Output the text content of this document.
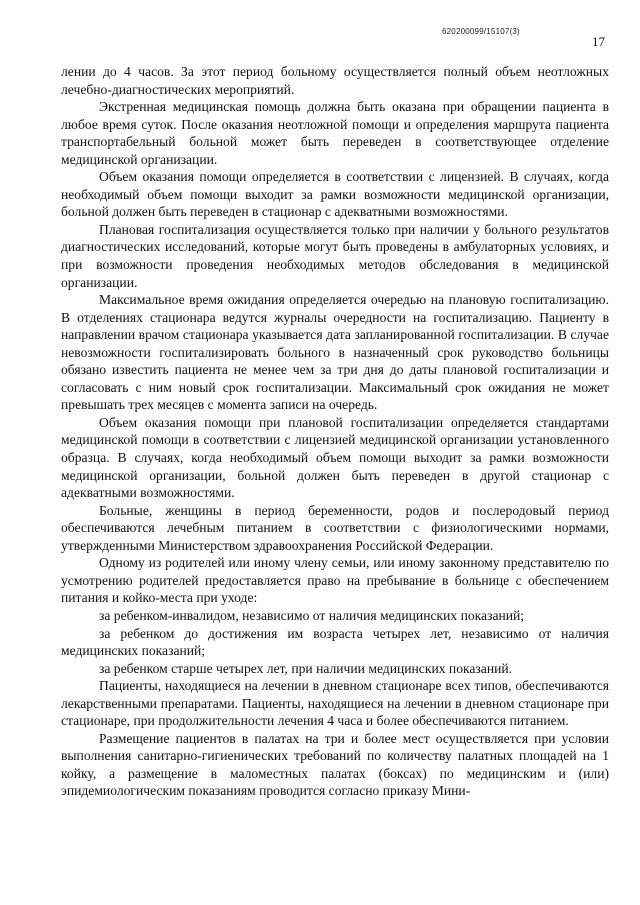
620200099/15107(3)
17

лении до 4 часов. За этот период больному осуществляется полный объем неотложных лечебно-диагностических мероприятий.

Экстренная медицинская помощь должна быть оказана при обращении пациента в любое время суток. После оказания неотложной помощи и определения маршрута пациента транспортабельный больной может быть переведен в соответствующее отделение медицинской организации.

Объем оказания помощи определяется в соответствии с лицензией. В случаях, когда необходимый объем помощи выходит за рамки возможности медицинской организации, больной должен быть переведен в стационар с адекватными возможностями.

Плановая госпитализация осуществляется только при наличии у больного результатов диагностических исследований, которые могут быть проведены в амбулаторных условиях, и при возможности проведения необходимых методов обследования в медицинской организации.

Максимальное время ожидания определяется очередью на плановую госпитализацию. В отделениях стационара ведутся журналы очередности на госпитализацию. Пациенту в направлении врачом стационара указывается дата запланированной госпитализации. В случае невозможности госпитализировать больного в назначенный срок руководство больницы обязано известить пациента не менее чем за три дня до даты плановой госпитализации и согласовать с ним новый срок госпитализации. Максимальный срок ожидания не может превышать трех месяцев с момента записи на очередь.

Объем оказания помощи при плановой госпитализации определяется стандартами медицинской помощи в соответствии с лицензией медицинской организации установленного образца. В случаях, когда необходимый объем помощи выходит за рамки возможности медицинской организации, больной должен быть переведен в другой стационар с адекватными возможностями.

Больные, женщины в период беременности, родов и послеродовый период обеспечиваются лечебным питанием в соответствии с физиологическими нормами, утвержденными Министерством здравоохранения Российской Федерации.

Одному из родителей или иному члену семьи, или иному законному представителю по усмотрению родителей предоставляется право на пребывание в больнице с обеспечением питания и койко-места при уходе:

за ребенком-инвалидом, независимо от наличия медицинских показаний;

за ребенком до достижения им возраста четырех лет, независимо от наличия медицинских показаний;

за ребенком старше четырех лет, при наличии медицинских показаний.

Пациенты, находящиеся на лечении в дневном стационаре всех типов, обеспечиваются лекарственными препаратами. Пациенты, находящиеся на лечении в дневном стационаре при стационаре, при продолжительности лечения 4 часа и более обеспечиваются питанием.

Размещение пациентов в палатах на три и более мест осуществляется при условии выполнения санитарно-гигиенических требований по количеству палатных площадей на 1 койку, а размещение в маломестных палатах (боксах) по медицинским и (или) эпидемиологическим показаниям проводится согласно приказу Мини-
